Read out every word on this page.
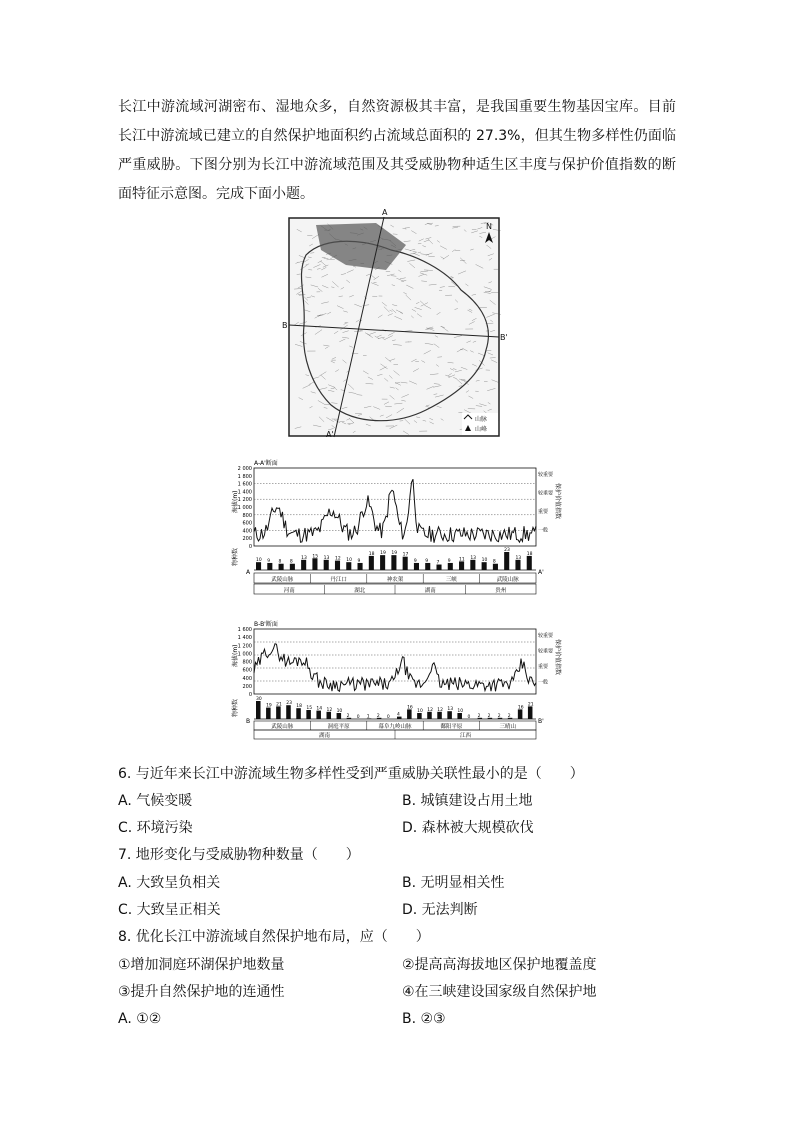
长江中游流域河湖密布、湿地众多，自然资源极其丰富，是我国重要生物基因宝库。目前长江中游流域已建立的自然保护地面积约占流域总面积的 27.3%，但其生物多样性仍面临严重威胁。下图分别为长江中游流域范围及其受威胁物种适生区丰度与保护价值指数的断面特征示意图。完成下面小题。

A
A'
B
B'
N
山脉
山峰
A-A'断面
海拔(m)
物种数
2 000
1 800
1 600
1 400
1 200
1 000
800
600
400
200
0
较重要
较重要
重要
一般
保护价值指数
10 9 8 8
13 15 13 12 10 9
18 19 19 17
9 9 7 9 11 13 10 8
23
13
18
A	A'
武陵山脉	丹江口	神农架	三峡	武陵山脉
河南	湖北	湖南	贵州
B-B'断面
海拔(m)
物种数
1 600
1 400
1 200
1 000
800
600
400
200
0
较重要
较重要
重要
一般
保护价值指数
30
19 21 23
18 15 14 12 10
2 0 1 2 0 4
16
10 12 12 13 10
0 2 2 2 2
16
21
B	B'
武陵山脉	洞庭平原	幕阜九岭山脉	鄱阳平原	三晴山
湖南	江西
6. 与近年来长江中游流域生物多样性受到严重威胁关联性最小的是（　　）
A. 气候变暖	B. 城镇建设占用土地
C. 环境污染	D. 森林被大规模砍伐
7. 地形变化与受威胁物种数量（　　）
A. 大致呈负相关	B. 无明显相关性
C. 大致呈正相关	D. 无法判断
8. 优化长江中游流域自然保护地布局，应（　　）
①增加洞庭环湖保护地数量	②提高高海拔地区保护地覆盖度
③提升自然保护地的连通性	④在三峡建设国家级自然保护地
A. ①②	B. ②③
